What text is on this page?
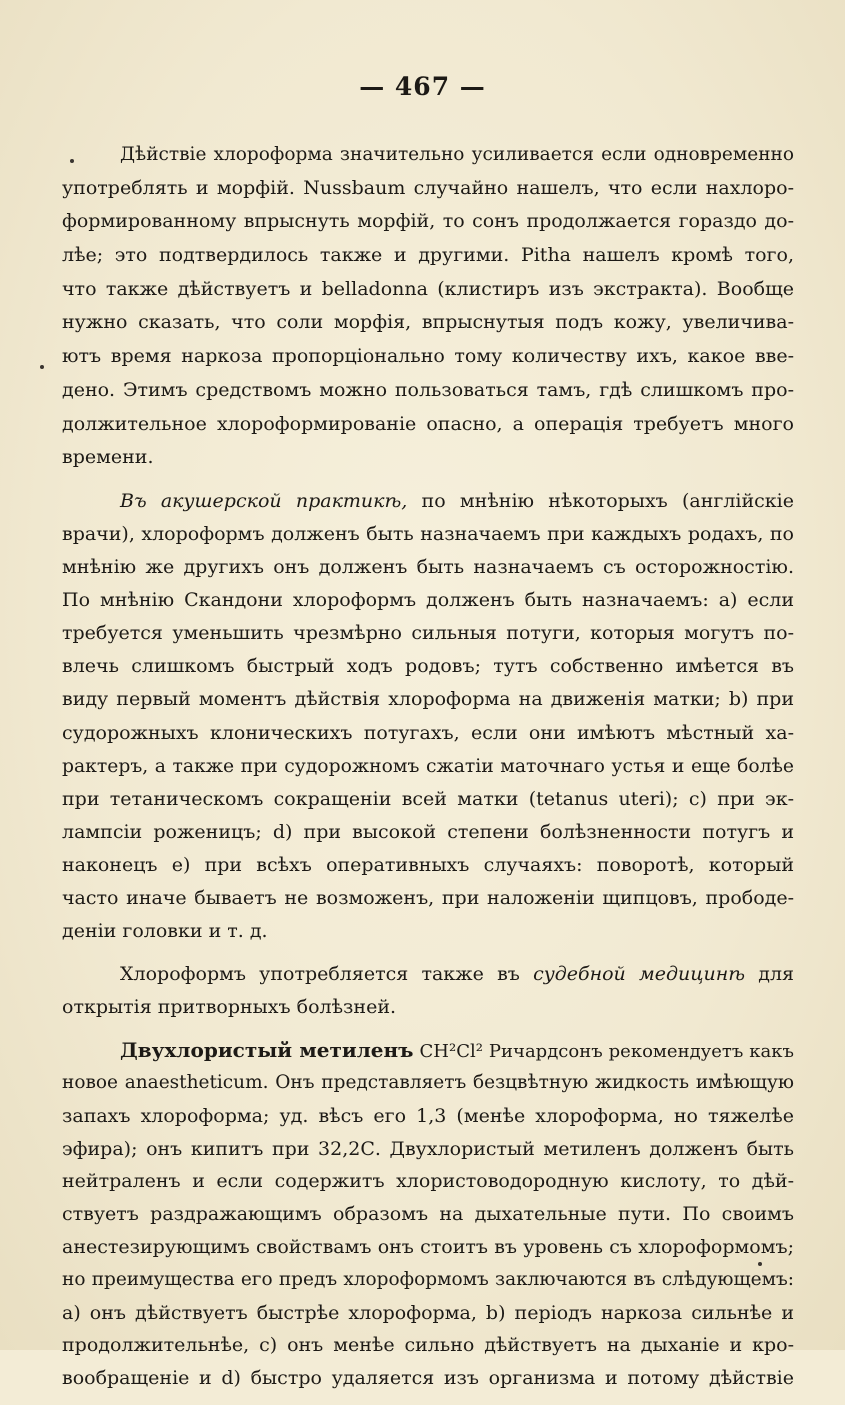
— 467 —
Дѣйствіе хлороформа значительно усиливается если одновременно
употреблять и морфій. Nussbaum случайно нашелъ, что если нахлоро-
формированному впрыснуть морфій, то сонъ продолжается гораздо до-
лѣе; это подтвердилось также и другими. Pitha нашелъ кромѣ того,
что также дѣйствуетъ и belladonna (клистиръ изъ экстракта). Вообще
нужно сказать, что соли морфія, впрыснутыя подъ кожу, увеличива-
ютъ время наркоза пропорціонально тому количеству ихъ, какое вве-
дено. Этимъ средствомъ можно пользоваться тамъ, гдѣ слишкомъ про-
должительное хлороформированіе опасно, а операція требуетъ много
времени.
Въ акушерской практикѣ, по мнѣнію нѣкоторыхъ (англійскіе
врачи), хлороформъ долженъ быть назначаемъ при каждыхъ родахъ, по
мнѣнію же другихъ онъ долженъ быть назначаемъ съ осторожностію.
По мнѣнію Скандони хлороформъ долженъ быть назначаемъ: a) если
требуется уменьшить чрезмѣрно сильныя потуги, которыя могутъ по-
влечь слишкомъ быстрый ходъ родовъ; тутъ собственно имѣется въ
виду первый моментъ дѣйствія хлороформа на движенія матки; b) при
судорожныхъ клоническихъ потугахъ, если они имѣютъ мѣстный ха-
рактеръ, а также при судорожномъ сжатіи маточнаго устья и еще болѣе
при тетаническомъ сокращеніи всей матки (tetanus uteri); c) при эк-
лампсіи роженицъ; d) при высокой степени болѣзненности потугъ и
наконецъ e) при всѣхъ оперативныхъ случаяхъ: поворотѣ, который
часто иначе бываетъ не возможенъ, при наложеніи щипцовъ, прободе-
деніи головки и т. д.
Хлороформъ употребляется также въ судебной медицинѣ для
открытія притворныхъ болѣзней.
Двухлористый метиленъ CH²Cl² Ричардсонъ рекомендуетъ какъ
новое anaestheticum. Онъ представляетъ безцвѣтную жидкость имѣющую
запахъ хлороформа; уд. вѣсъ его 1,3 (менѣе хлороформа, но тяжелѣе
эфира); онъ кипитъ при 32,2С. Двухлористый метиленъ долженъ быть
нейтраленъ и если содержитъ хлористоводородную кислоту, то дѣй-
ствуетъ раздражающимъ образомъ на дыхательные пути. По своимъ
анестезирующимъ свойствамъ онъ стоитъ въ уровень съ хлороформомъ;
но преимущества его предъ хлороформомъ заключаются въ слѣдующемъ:
a) онъ дѣйствуетъ быстрѣе хлороформа, b) періодъ наркоза сильнѣе и
продолжительнѣе, c) онъ менѣе сильно дѣйствуетъ на дыханіе и кро-
вообращеніе и d) быстро удаляется изъ организма и потому дѣйствіе
